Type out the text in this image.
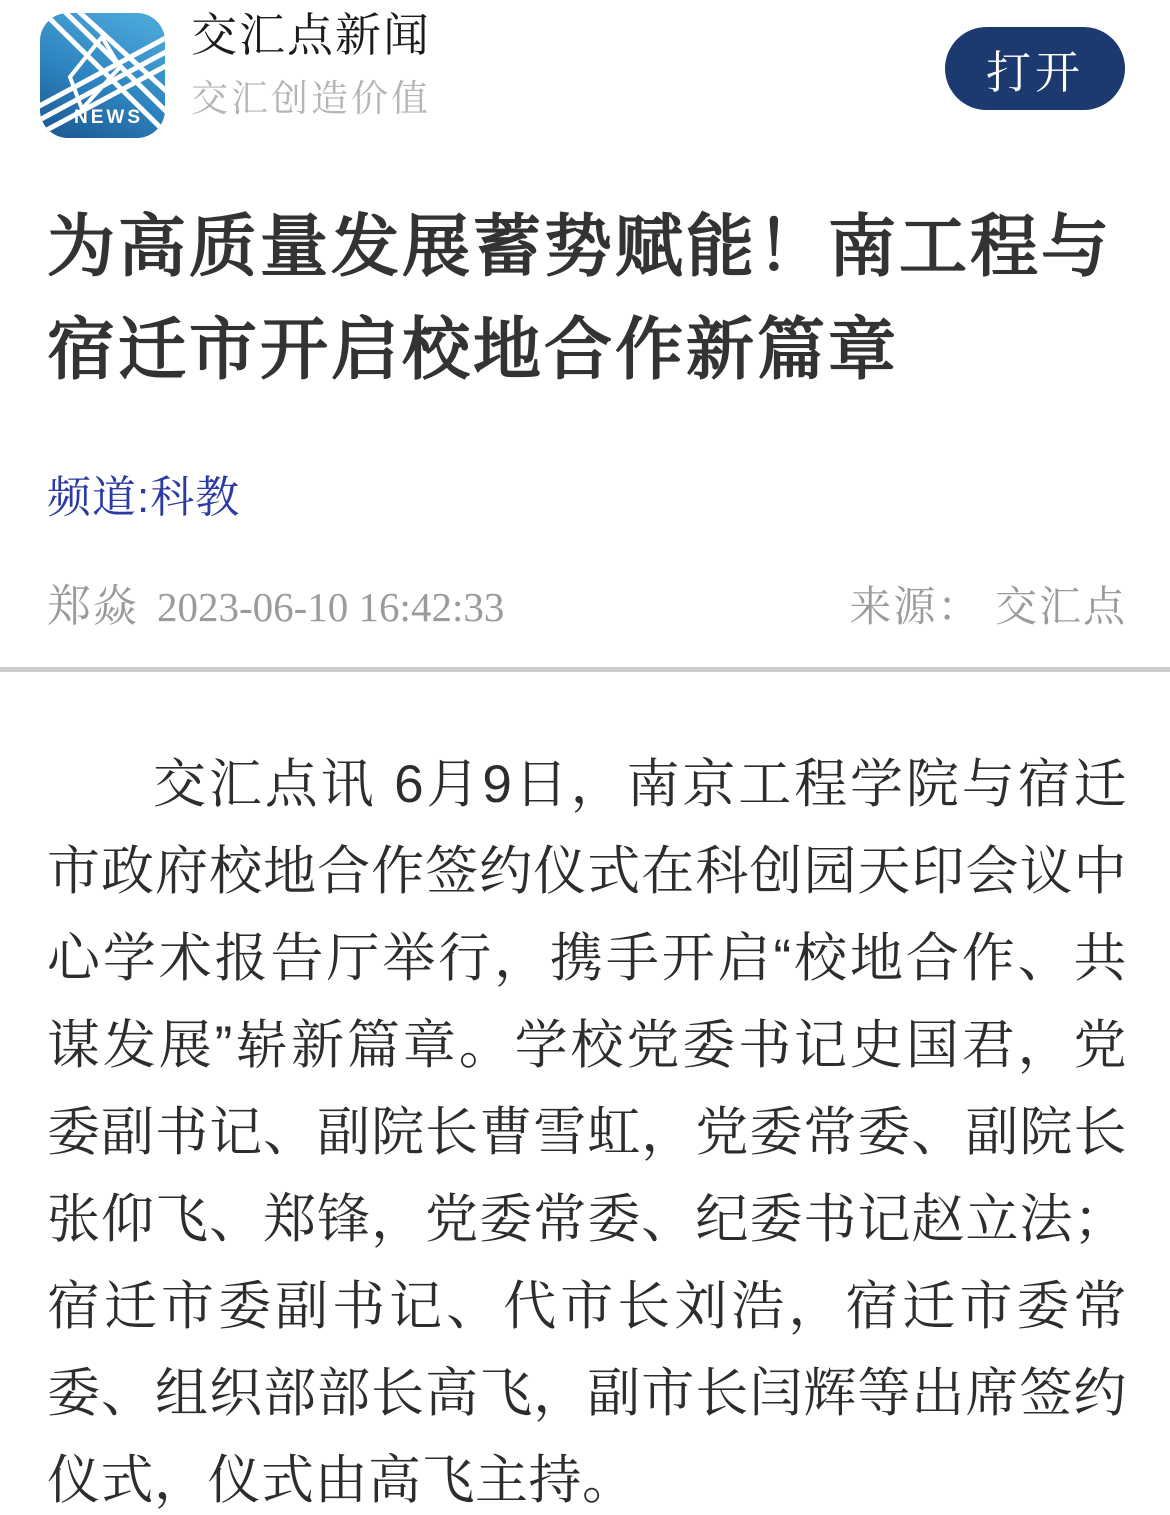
NEWS
交汇点新闻
交汇创造价值
打开
为高质量发展蓄势赋能！南工程与宿迁市开启校地合作新篇章
频道:科教
郑焱 2023-06-10 16:42:33	来源： 交汇点

交汇点讯 6月9日，南京工程学院与宿迁市政府校地合作签约仪式在科创园天印会议中心学术报告厅举行，携手开启“校地合作、共谋发展”崭新篇章。学校党委书记史国君，党委副书记、副院长曹雪虹，党委常委、副院长张仰飞、郑锋，党委常委、纪委书记赵立法；宿迁市委副书记、代市长刘浩，宿迁市委常委、组织部部长高飞，副市长闫辉等出席签约仪式，仪式由高飞主持。
